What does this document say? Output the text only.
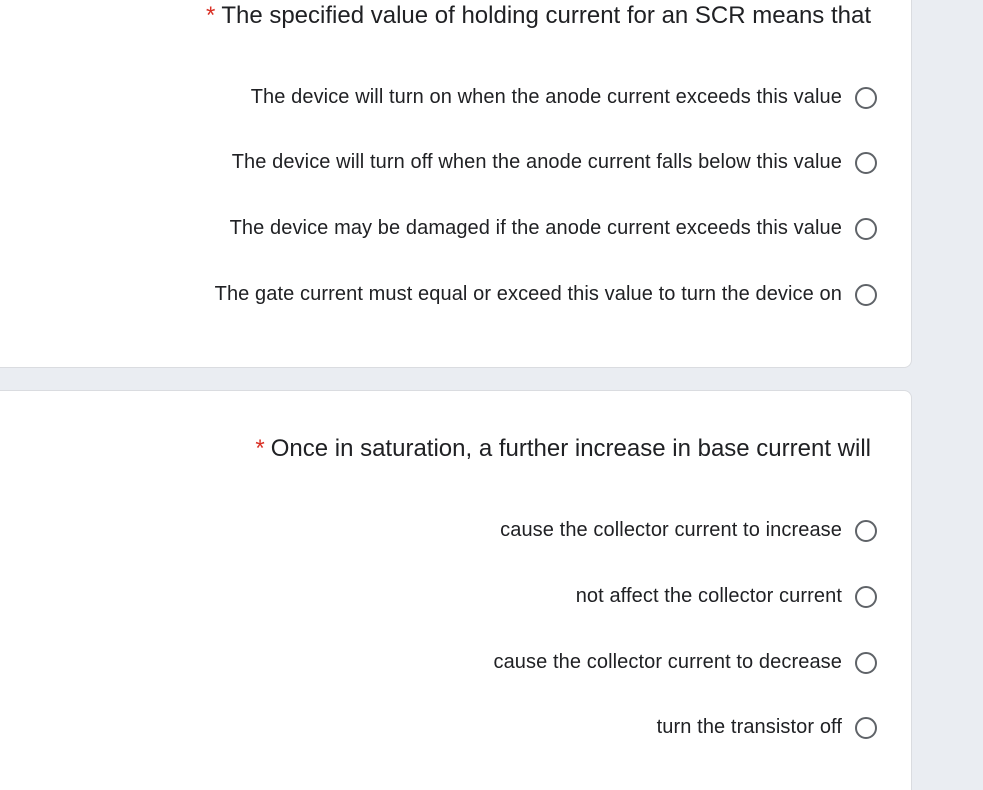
* The specified value of holding current for an SCR means that
The device will turn on when the anode current exceeds this value
The device will turn off when the anode current falls below this value
The device may be damaged if the anode current exceeds this value
The gate current must equal or exceed this value to turn the device on
* Once in saturation, a further increase in base current will
cause the collector current to increase
not affect the collector current
cause the collector current to decrease
turn the transistor off
